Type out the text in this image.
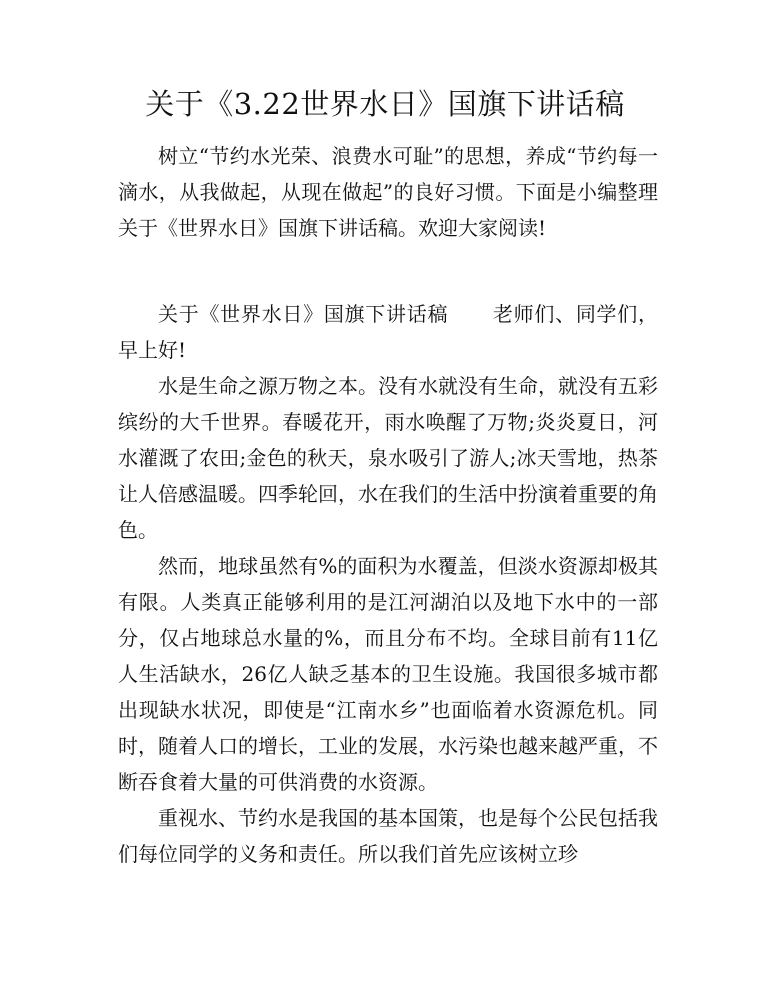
关于《3.22世界水日》国旗下讲话稿

树立“节约水光荣、浪费水可耻”的思想，养成“节约每一滴水，从我做起，从现在做起”的良好习惯。下面是小编整理关于《世界水日》国旗下讲话稿。欢迎大家阅读!

关于《世界水日》国旗下讲话稿 老师们、同学们，早上好!

水是生命之源万物之本。没有水就没有生命，就没有五彩缤纷的大千世界。春暖花开，雨水唤醒了万物;炎炎夏日，河水灌溉了农田;金色的秋天，泉水吸引了游人;冰天雪地，热茶让人倍感温暖。四季轮回，水在我们的生活中扮演着重要的角色。

然而，地球虽然有%的面积为水覆盖，但淡水资源却极其有限。人类真正能够利用的是江河湖泊以及地下水中的一部分，仅占地球总水量的%，而且分布不均。全球目前有11亿人生活缺水，26亿人缺乏基本的卫生设施。我国很多城市都出现缺水状况，即使是“江南水乡”也面临着水资源危机。同时，随着人口的增长，工业的发展，水污染也越来越严重，不断吞食着大量的可供消费的水资源。

重视水、节约水是我国的基本国策，也是每个公民包括我们每位同学的义务和责任。所以我们首先应该树立珍
